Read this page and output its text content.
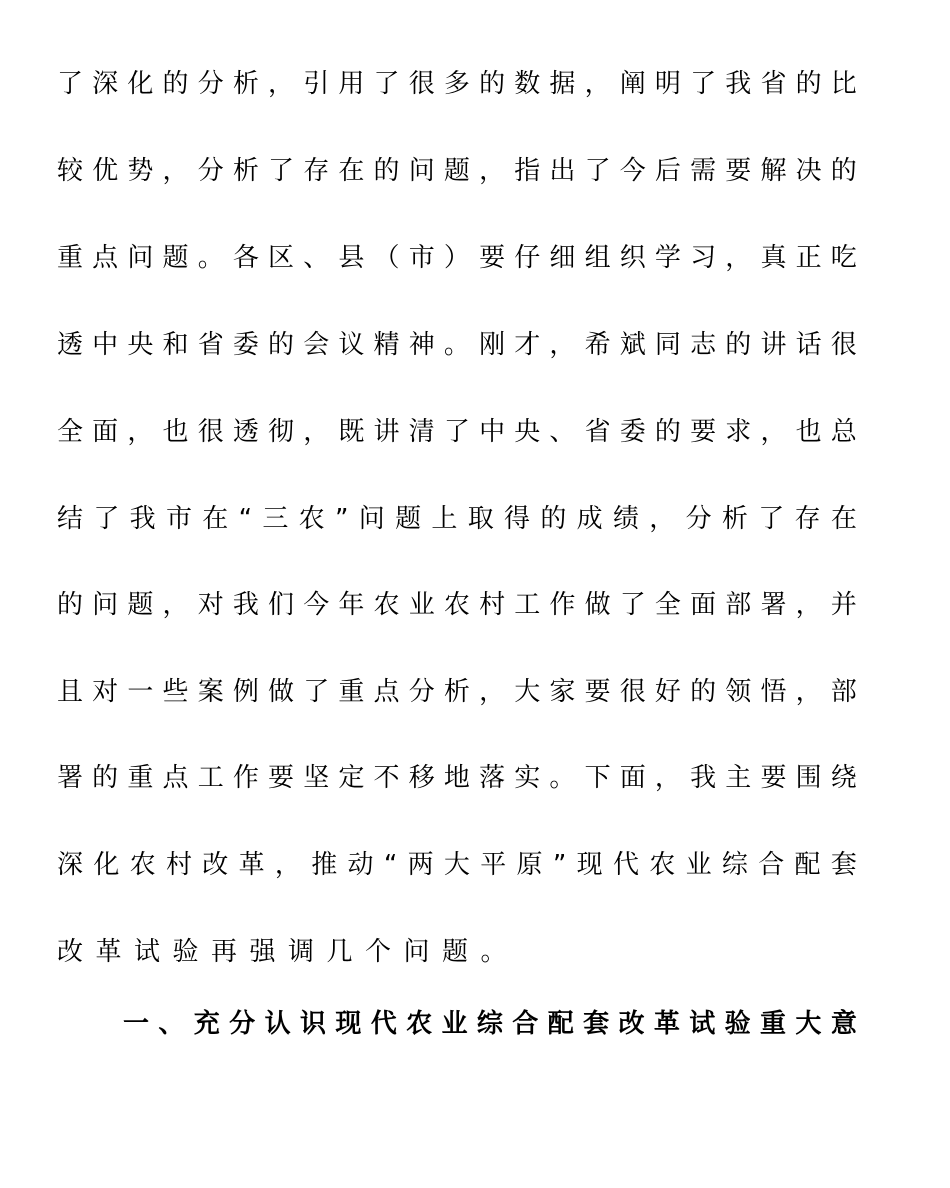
了 深 化 的 分 析 ， 引 用 了 很 多 的 数 据 ， 阐 明 了 我 省 的 比
较 优 势 ， 分 析 了 存 在 的 问 题 ， 指 出 了 今 后 需 要 解 决 的
重 点 问 题 。 各 区 、 县 （ 市 ） 要 仔 细 组 织 学 习 ， 真 正 吃
透 中 央 和 省 委 的 会 议 精 神 。 刚 才 ， 希 斌 同 志 的 讲 话 很
全 面 ， 也 很 透 彻 ， 既 讲 清 了 中 央 、 省 委 的 要 求 ， 也 总
结 了 我 市 在 “ 三 农 ” 问 题 上 取 得 的 成 绩 ， 分 析 了 存 在
的 问 题 ， 对 我 们 今 年 农 业 农 村 工 作 做 了 全 面 部 署 ， 并
且 对 一 些 案 例 做 了 重 点 分 析 ， 大 家 要 很 好 的 领 悟 ， 部
署 的 重 点 工 作 要 坚 定 不 移 地 落 实 。 下 面 ， 我 主 要 围 绕
深 化 农 村 改 革 ， 推 动 “ 两 大 平 原 ” 现 代 农 业 综 合 配 套
改革试验再强调几个问题。
一 、 充 分 认 识 现 代 农 业 综 合 配 套 改 革 试 验 重 大 意
